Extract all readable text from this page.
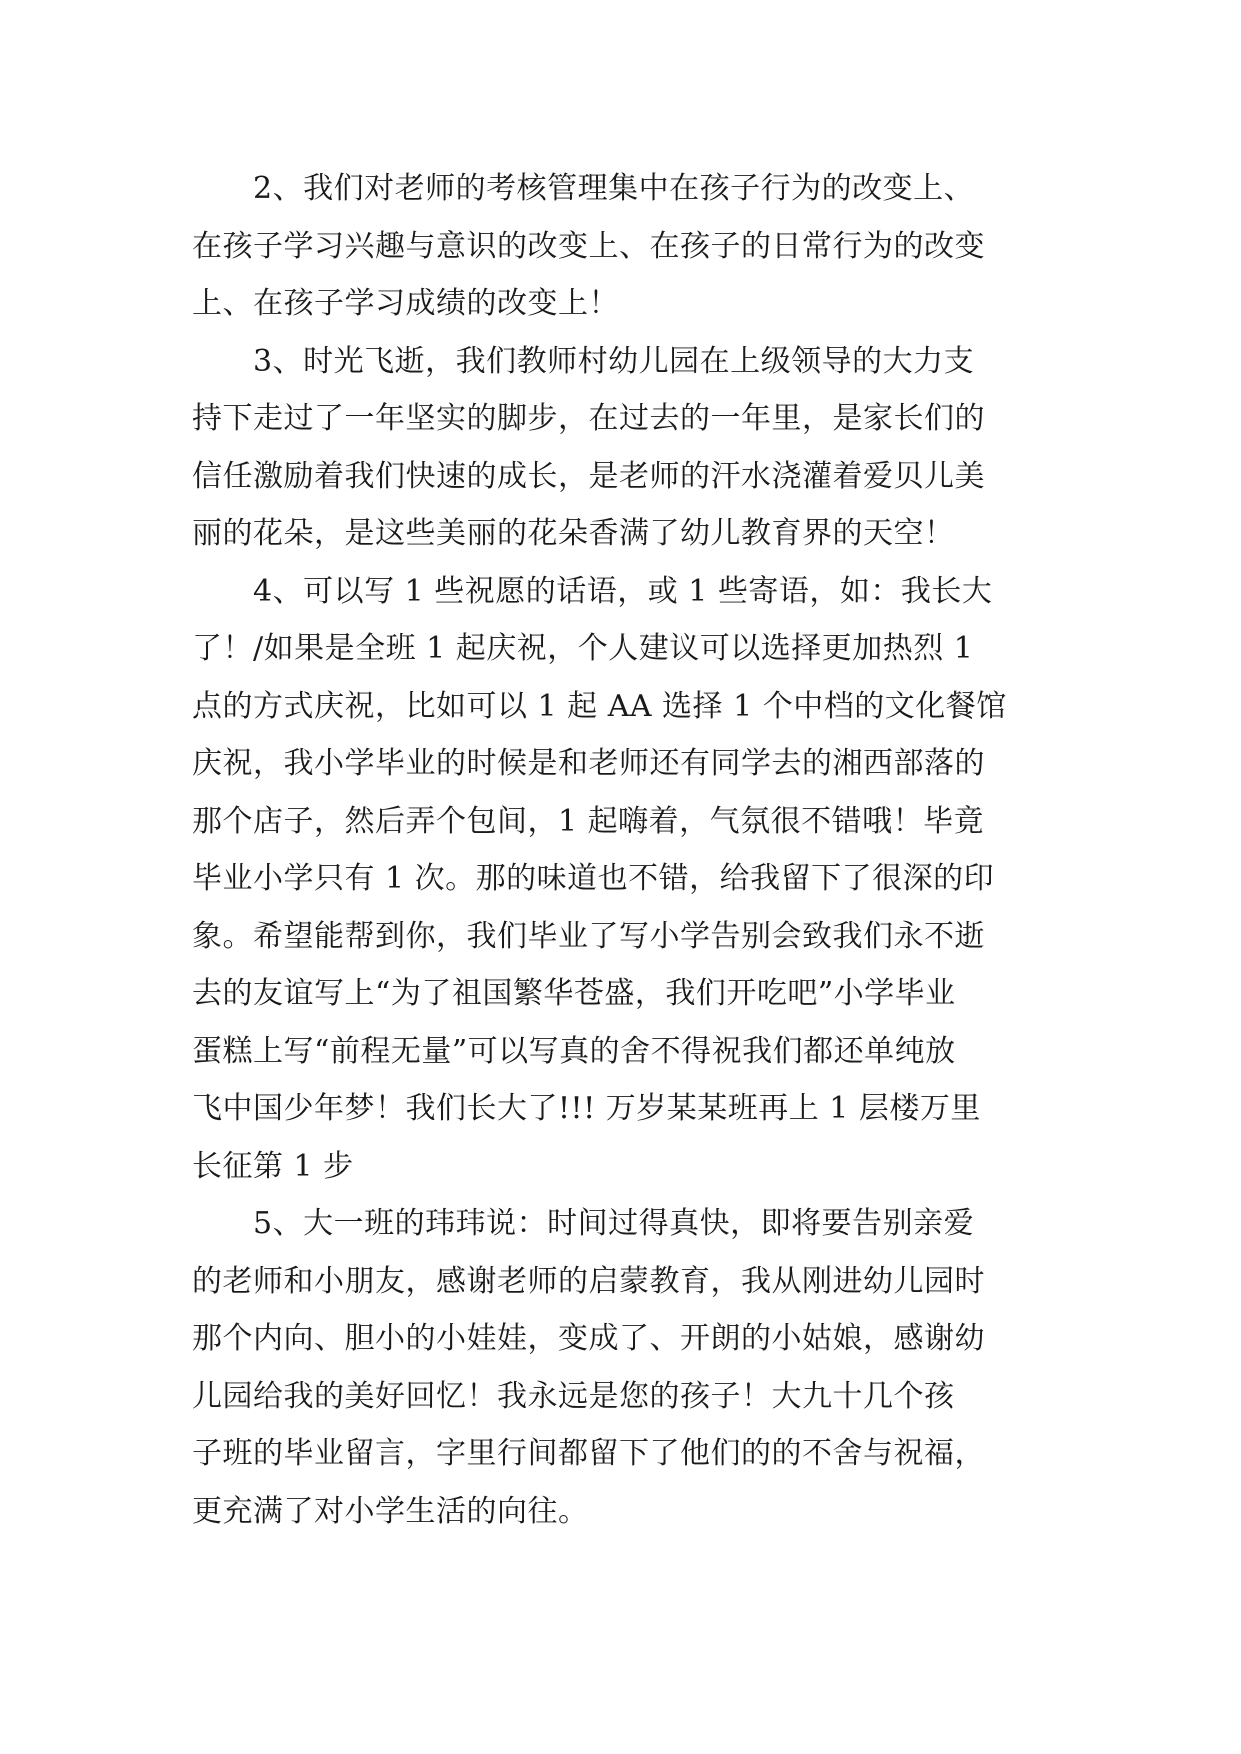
2、我们对老师的考核管理集中在孩子行为的改变上、
在孩子学习兴趣与意识的改变上、在孩子的日常行为的改变
上、在孩子学习成绩的改变上！
3、时光飞逝，我们教师村幼儿园在上级领导的大力支
持下走过了一年坚实的脚步，在过去的一年里，是家长们的
信任激励着我们快速的成长，是老师的汗水浇灌着爱贝儿美
丽的花朵，是这些美丽的花朵香满了幼儿教育界的天空！
4、可以写 1 些祝愿的话语，或 1 些寄语，如：我长大
了！/如果是全班 1 起庆祝，个人建议可以选择更加热烈 1
点的方式庆祝，比如可以 1 起 AA 选择 1 个中档的文化餐馆
庆祝，我小学毕业的时候是和老师还有同学去的湘西部落的
那个店子，然后弄个包间，1 起嗨着，气氛很不错哦！毕竟
毕业小学只有 1 次。那的味道也不错，给我留下了很深的印
象。希望能帮到你，我们毕业了写小学告别会致我们永不逝
去的友谊写上“为了祖国繁华苍盛，我们开吃吧”小学毕业
蛋糕上写“前程无量”可以写真的舍不得祝我们都还单纯放
飞中国少年梦！我们长大了!!! 万岁某某班再上 1 层楼万里
长征第 1 步
5、大一班的玮玮说：时间过得真快，即将要告别亲爱
的老师和小朋友，感谢老师的启蒙教育，我从刚进幼儿园时
那个内向、胆小的小娃娃，变成了、开朗的小姑娘，感谢幼
儿园给我的美好回忆！我永远是您的孩子！大九十几个孩
子班的毕业留言，字里行间都留下了他们的的不舍与祝福，
更充满了对小学生活的向往。
